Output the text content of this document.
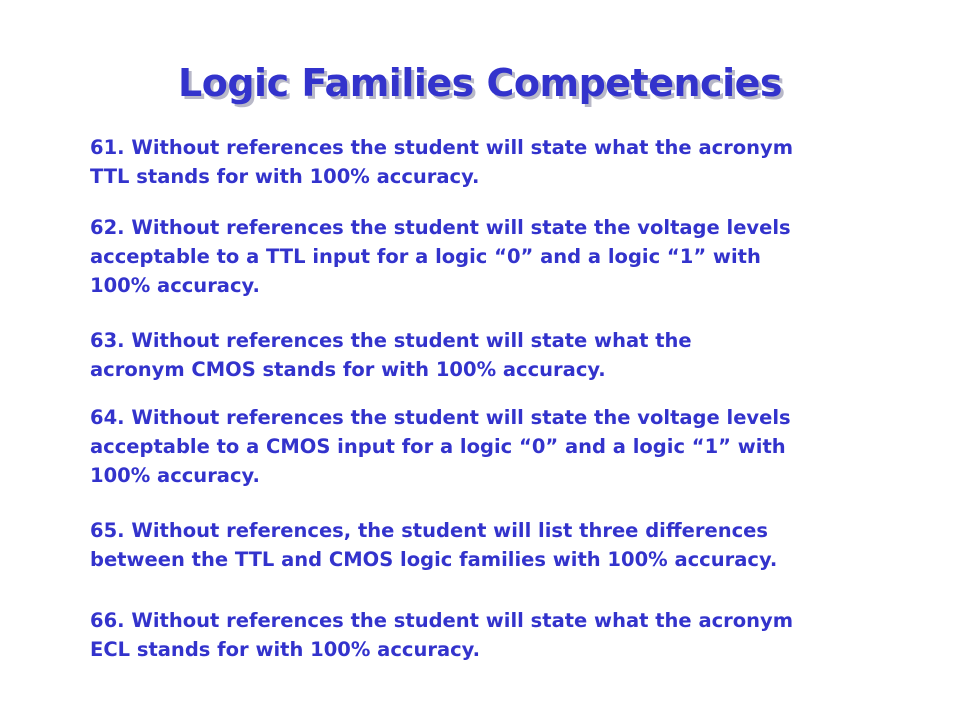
Logic Families Competencies

61. Without references the student will state what the acronym
TTL stands for with 100% accuracy.

62. Without references the student will state the voltage levels
acceptable to a TTL input for a logic “0” and a logic “1” with
100% accuracy.

63. Without references the student will state what the
acronym CMOS stands for with 100% accuracy.

64. Without references the student will state the voltage levels
acceptable to a CMOS input for a logic “0” and a logic “1” with
100% accuracy.

65. Without references, the student will list three differences
between the TTL and CMOS logic families with 100% accuracy.

66. Without references the student will state what the acronym
ECL stands for with 100% accuracy.
